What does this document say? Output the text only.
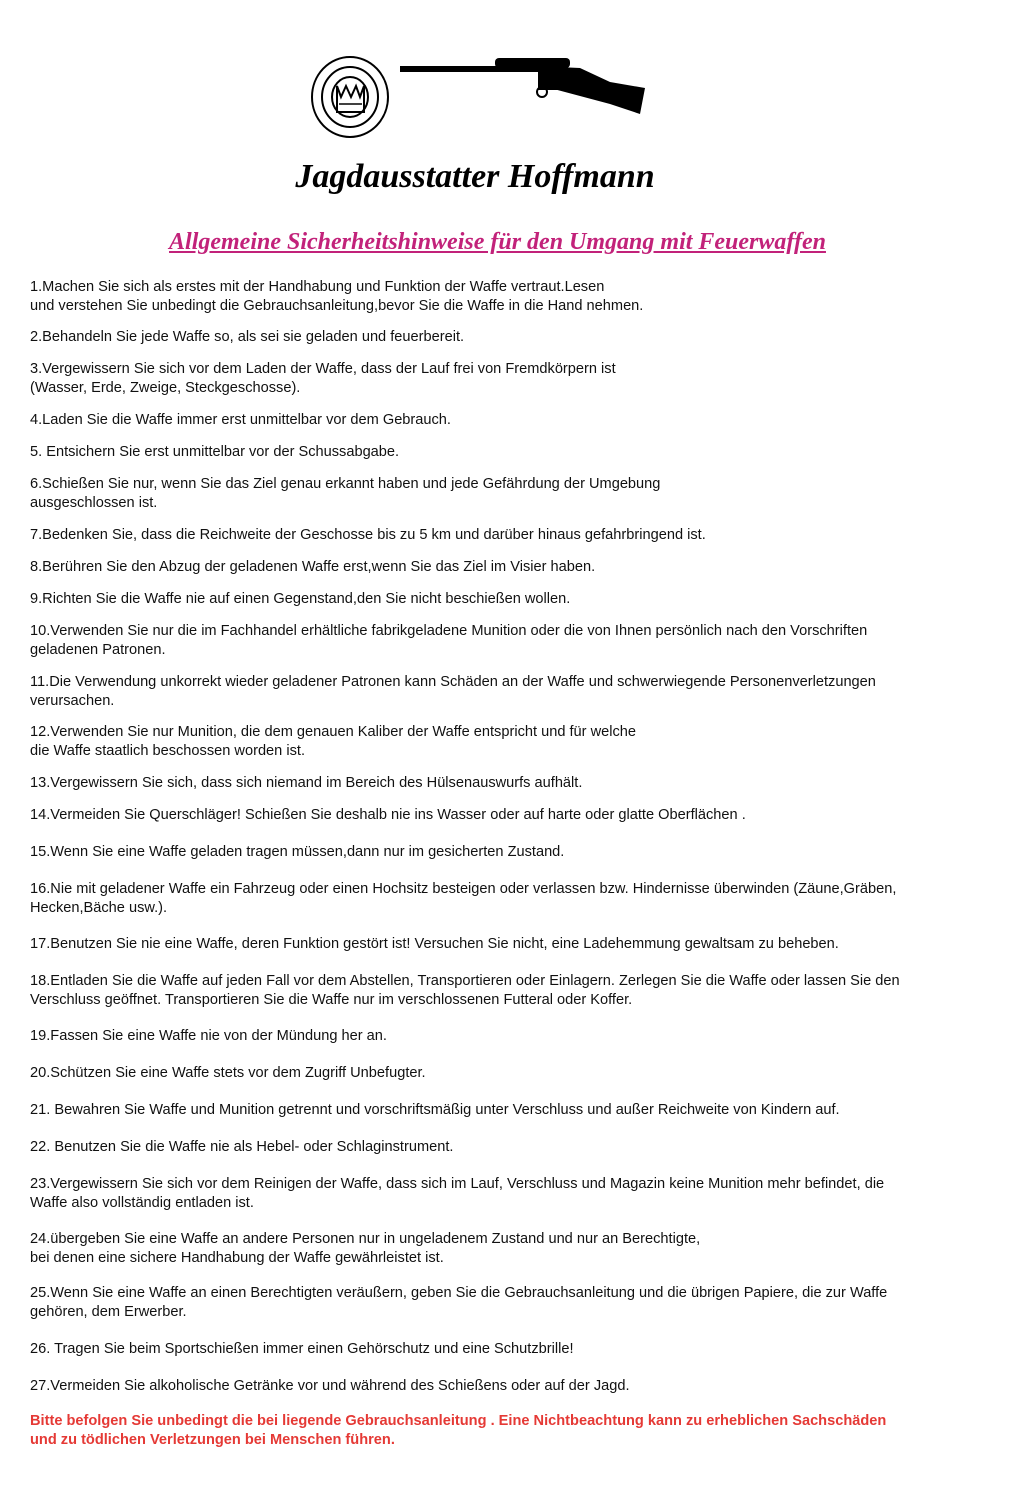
Jagdausstatter Hoffmann
Allgemeine Sicherheitshinweise für den Umgang mit Feuerwaffen

1.Machen Sie sich als erstes mit der Handhabung und Funktion der Waffe vertraut.Lesen
und verstehen Sie unbedingt die Gebrauchsanleitung,bevor Sie die Waffe in die Hand nehmen.

2.Behandeln Sie jede Waffe so, als sei sie geladen und feuerbereit.

3.Vergewissern Sie sich vor dem Laden der Waffe, dass der Lauf frei von Fremdkörpern ist
(Wasser, Erde, Zweige, Steckgeschosse).

4.Laden Sie die Waffe immer erst unmittelbar vor dem Gebrauch.

5. Entsichern Sie erst unmittelbar vor der Schussabgabe.

6.Schießen Sie nur, wenn Sie das Ziel genau erkannt haben und jede Gefährdung der Umgebung
ausgeschlossen ist.

7.Bedenken Sie, dass die Reichweite der Geschosse bis zu 5 km und darüber hinaus gefahrbringend ist.

8.Berühren Sie den Abzug der geladenen Waffe erst,wenn Sie das Ziel im Visier haben.

9.Richten Sie die Waffe nie auf einen Gegenstand,den Sie nicht beschießen wollen.

10.Verwenden Sie nur die im Fachhandel erhältliche fabrikgeladene Munition oder die von Ihnen persönlich nach den Vorschriften
geladenen Patronen.

11.Die Verwendung unkorrekt wieder geladener Patronen kann Schäden an der Waffe und schwerwiegende Personenverletzungen
verursachen.

12.Verwenden Sie nur Munition, die dem genauen Kaliber der Waffe entspricht und für welche
die Waffe staatlich beschossen worden ist.

13.Vergewissern Sie sich, dass sich niemand im Bereich des Hülsenauswurfs aufhält.

14.Vermeiden Sie Querschläger! Schießen Sie deshalb nie ins Wasser oder auf harte oder glatte Oberflächen .

15.Wenn Sie eine Waffe geladen tragen müssen,dann nur im gesicherten Zustand.

16.Nie mit geladener Waffe ein Fahrzeug oder einen Hochsitz besteigen oder verlassen bzw. Hindernisse überwinden (Zäune,Gräben,
Hecken,Bäche usw.).

17.Benutzen Sie nie eine Waffe, deren Funktion gestört ist! Versuchen Sie nicht, eine Ladehemmung gewaltsam zu beheben.

18.Entladen Sie die Waffe auf jeden Fall vor dem Abstellen, Transportieren oder Einlagern. Zerlegen Sie die Waffe oder lassen Sie den
Verschluss geöffnet. Transportieren Sie die Waffe nur im verschlossenen Futteral oder Koffer.

19.Fassen Sie eine Waffe nie von der Mündung her an.

20.Schützen Sie eine Waffe stets vor dem Zugriff Unbefugter.

21. Bewahren Sie Waffe und Munition getrennt und vorschriftsmäßig unter Verschluss und außer Reichweite von Kindern auf.

22. Benutzen Sie die Waffe nie als Hebel- oder Schlaginstrument.

23.Vergewissern Sie sich vor dem Reinigen der Waffe, dass sich im Lauf, Verschluss und Magazin keine Munition mehr befindet, die
Waffe also vollständig entladen ist.

24.übergeben Sie eine Waffe an andere Personen nur in ungeladenem Zustand und nur an Berechtigte,
bei denen eine sichere Handhabung der Waffe gewährleistet ist.

25.Wenn Sie eine Waffe an einen Berechtigten veräußern, geben Sie die Gebrauchsanleitung und die übrigen Papiere, die zur Waffe
gehören, dem Erwerber.

26. Tragen Sie beim Sportschießen immer einen Gehörschutz und eine Schutzbrille!

27.Vermeiden Sie alkoholische Getränke vor und während des Schießens oder auf der Jagd.

Bitte befolgen Sie unbedingt die bei liegende Gebrauchsanleitung . Eine Nichtbeachtung kann zu erheblichen Sachschäden
und zu tödlichen Verletzungen bei Menschen führen.
